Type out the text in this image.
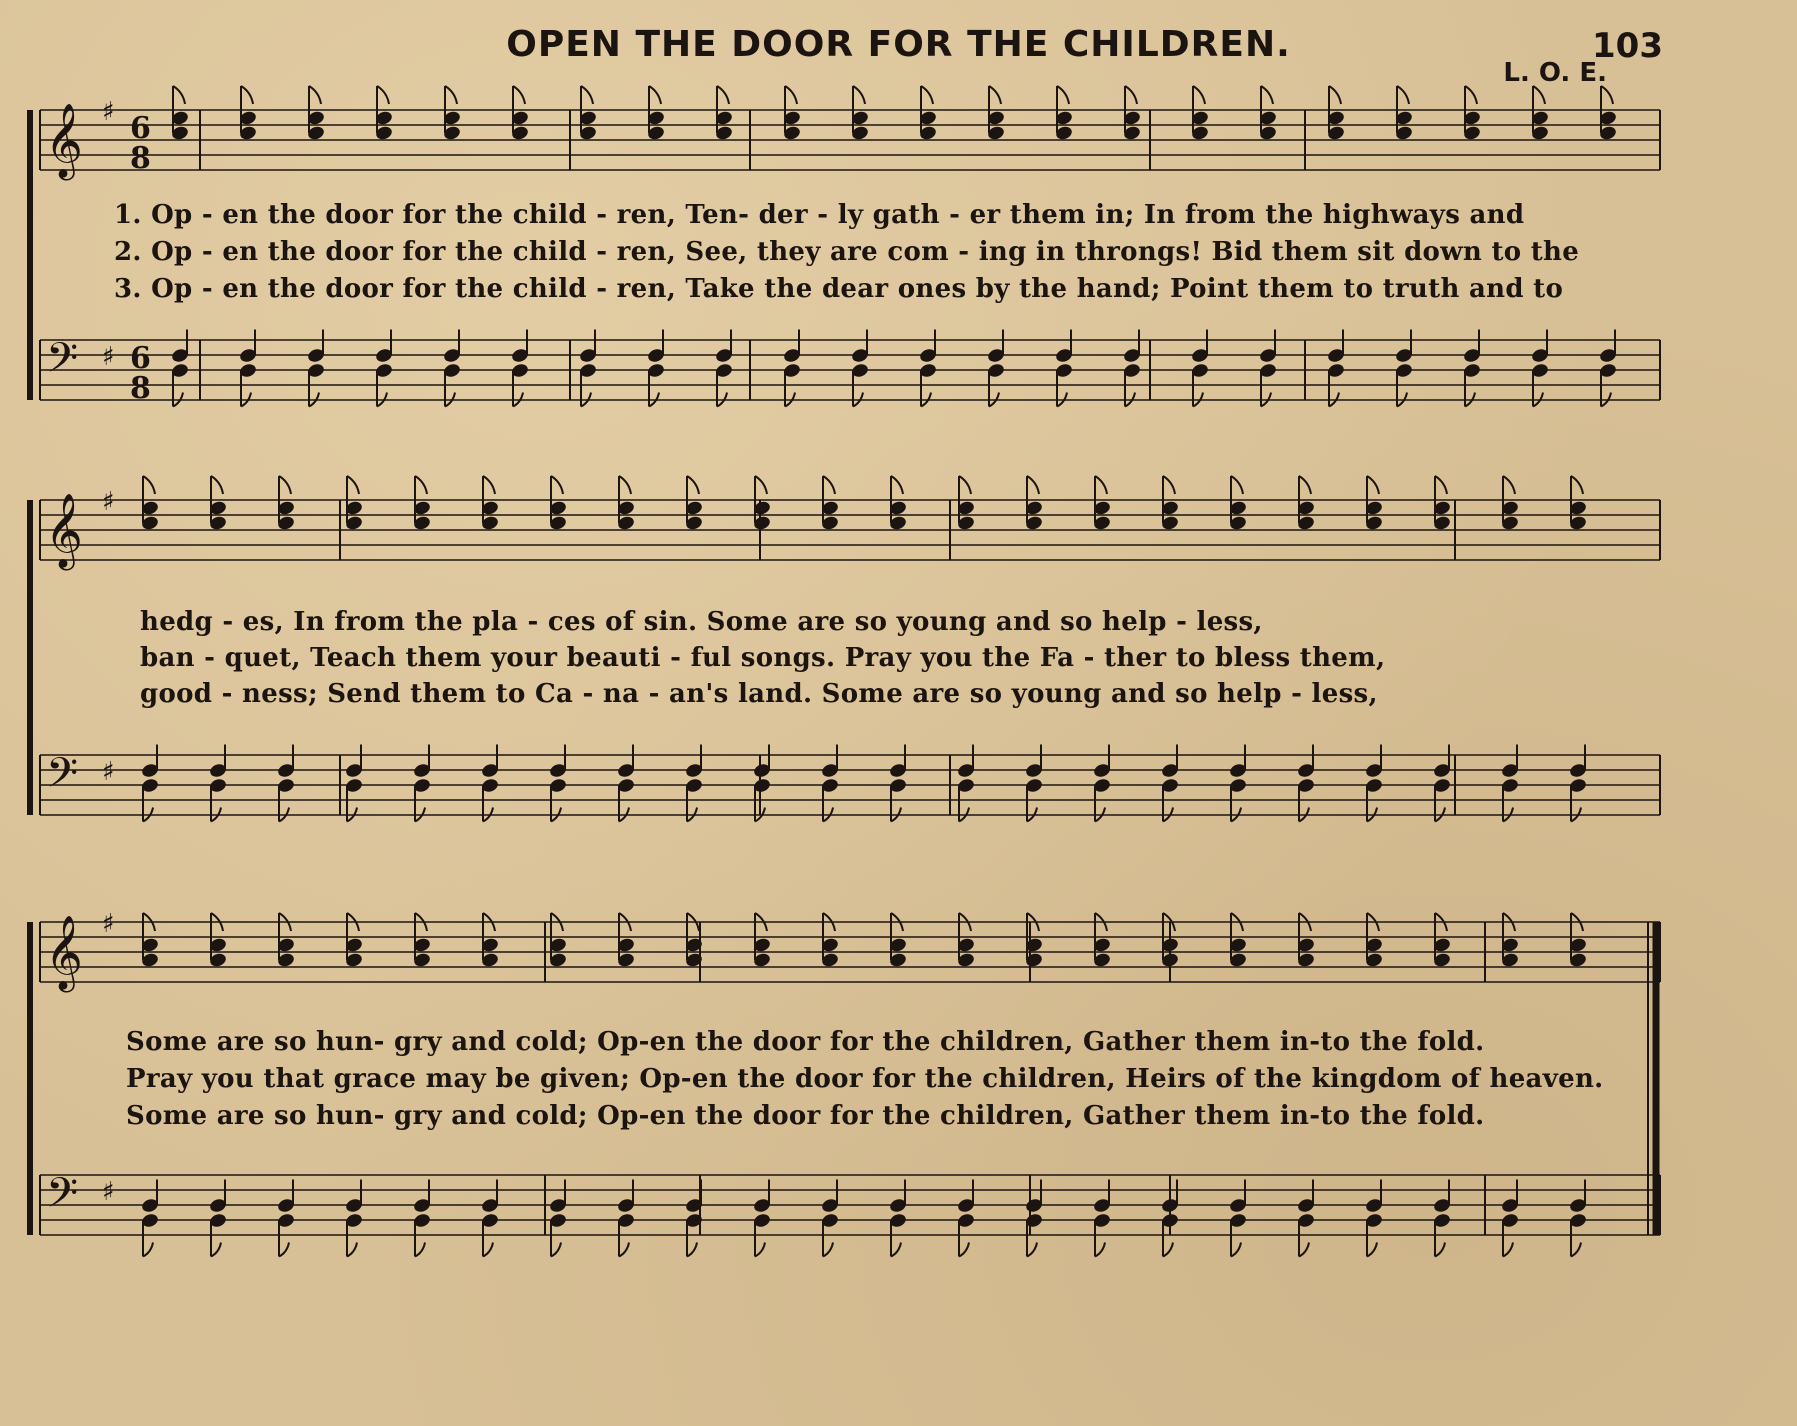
OPEN THE DOOR FOR THE CHILDREN.	103
L. O. E.
𝄞 ♯ 6
8
𝄢 ♯ 6
8
𝄞 ♯
𝄢 ♯
𝄞 ♯
𝄢 ♯
1. Op - en the door for the child - ren, Ten- der - ly gath - er them in; In from the highways and
2. Op - en the door for the child - ren, See, they are com - ing in throngs! Bid them sit down to the
3. Op - en the door for the child - ren, Take the dear ones by the hand; Point them to truth and to
hedg - es, In from the pla - ces of sin. Some are so young and so help - less,
ban - quet, Teach them your beauti - ful songs. Pray you the Fa - ther to bless them,
good - ness; Send them to Ca - na - an's land. Some are so young and so help - less,
Some are so hun- gry and cold; Op-en the door for the children, Gather them in-to the fold.
Pray you that grace may be given; Op-en the door for the children, Heirs of the kingdom of heaven.
Some are so hun- gry and cold; Op-en the door for the children, Gather them in-to the fold.
